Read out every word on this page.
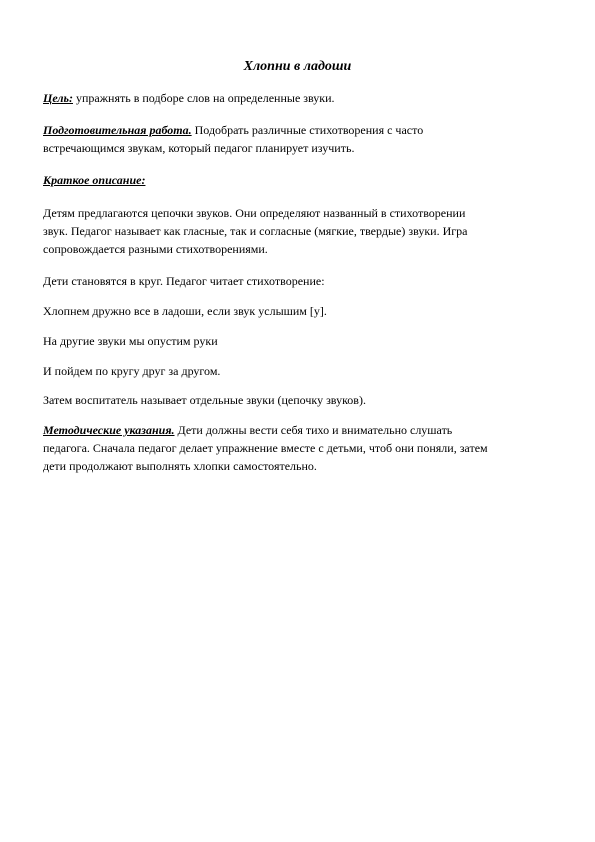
Хлопни в ладоши
Цель: упражнять в подборе слов на определенные звуки.
Подготовительная работа. Подобрать различные стихотворения с часто
встречающимся звукам, который педагог планирует изучить.
Краткое описание:
Детям предлагаются цепочки звуков. Они определяют названный в стихотворении
звук. Педагог называет как гласные, так и согласные (мягкие, твердые) звуки. Игра
сопровождается разными стихотворениями.
Дети становятся в круг. Педагог читает стихотворение:
Хлопнем дружно все в ладоши, если звук услышим [у].
На другие звуки мы опустим руки
И пойдем по кругу друг за другом.
Затем воспитатель называет отдельные звуки (цепочку звуков).
Методические указания. Дети должны вести себя тихо и внимательно слушать
педагога. Сначала педагог делает упражнение вместе с детьми, чтоб они поняли, затем
дети продолжают выполнять хлопки самостоятельно.
